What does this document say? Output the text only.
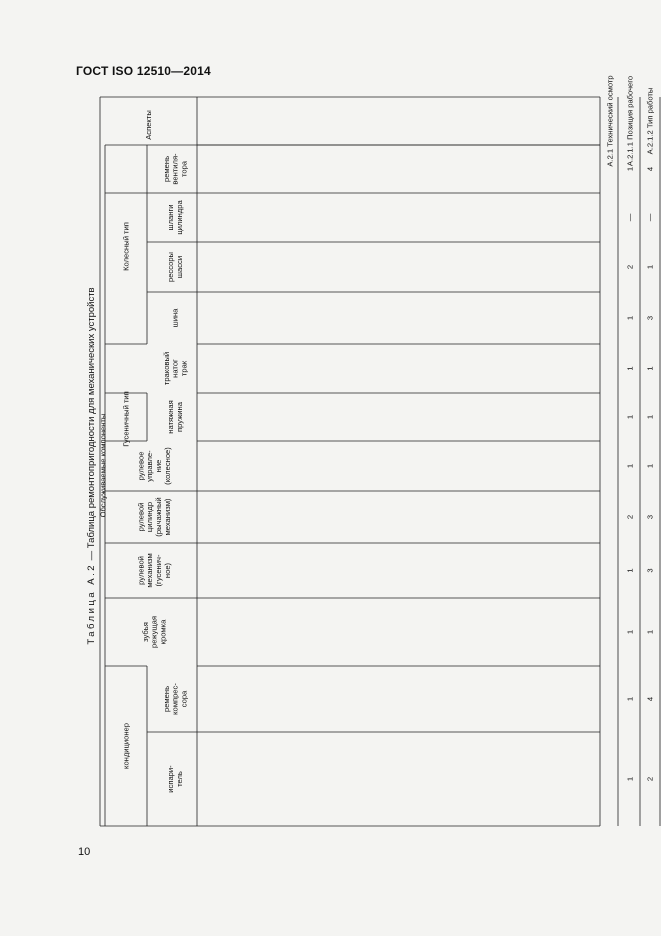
ГОСТ ISO 12510—2014
10
Таблица А.2 — Таблица ремонтопригодности для механических устройств
Аспекты
Обслуживаемые компоненты
Колесный тип
Гусеничный тип
кондиционер
ременьвентиля-тора
шлангицилиндра
рессорышасси
шина
траковыйнатогтрак
натяжнаяпружина
рулевоеуправле-ние(колесное)
рулевойцилиндр(рычажныймеханизм)
рулевоймеханизм(гусенич-ное)
зубьярежущаякромка
ременькомпрес-сора
испари-тель
А.2.1 Технический осмотр А.2.1.1 Позиция рабочего
1
—
2
1
1
1
1
2
1
1
1
1
А.2.1.2 Тип работы
4
—
1
3
1
1
1
3
3
1
4
2
